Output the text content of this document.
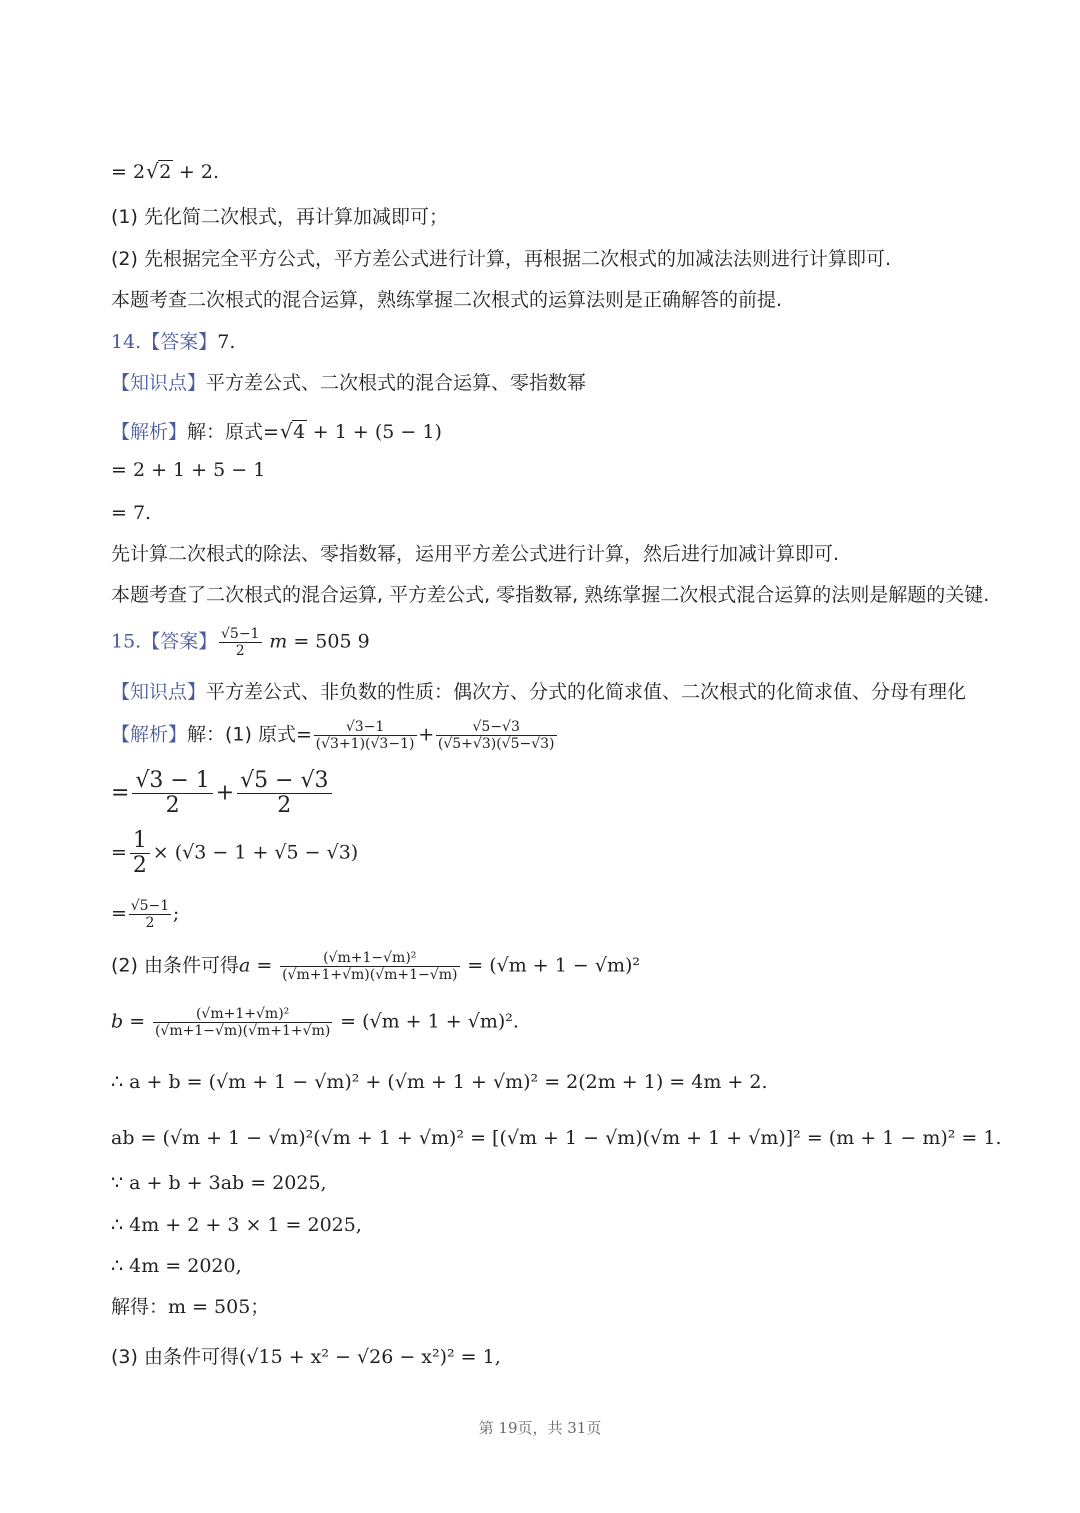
= 2 √ 2 + 2.
(1) 先化简二次根式，再计算加减即可；
(2) 先根据完全平方公式，平方差公式进行计算，再根据二次根式的加减法法则进行计算即可.
本题考查二次根式的混合运算，熟练掌握二次根式的运算法则是正确解答的前提.
14.【答案】7.
【知识点】平方差公式、二次根式的混合运算、零指数幂
【解析】解：原式= √ 4 + 1 + (5 − 1)
= 2 + 1 + 5 − 1
= 7.
先计算二次根式的除法、零指数幂，运用平方差公式进行计算，然后进行加减计算即可.
本题考查了二次根式的混合运算, 平方差公式, 零指数幂, 熟练掌握二次根式混合运算的法则是解题的关键.
15.【答案】 $\frac{√5-1}{2}$ m = 505 9
【知识点】平方差公式、非负数的性质：偶次方、分式的化简求值、二次根式的化简求值、分母有理化
【解析】解：(1) 原式= $\frac{√3-1}{(√3+1)(√3-1)} + \frac{√5-√3}{(√5+√3)(√5-√3)}$
= $\frac{√3 - 1}{2} + \frac{√5 - √3}{2}$
= $\frac{1}{2} \times (√3 - 1 + √5 - √3)$
= $\frac{√5-1}{2}$ ;
(2) 由条件可得$a = \frac{\text{(√m+1−√m)²}}{(√m+1+√m)(√m+1-√m)} = (√m + 1 - √m)^2$
$b = \frac{\text{(√m+1+√m)²}}{(√m+1-√m)(√m+1+√m)} = (√m + 1 + √m)^2$.
∴ a + b = (√m + 1 − √m)² + (√m + 1 + √m)² = 2(2m + 1) = 4m + 2.
ab = (√m + 1 − √m)²(√m + 1 + √m)² = [(√m + 1 − √m)(√m + 1 + √m)]² = (m + 1 − m)² = 1.
∵ a + b + 3ab = 2025,
∴ 4m + 2 + 3 × 1 = 2025,
∴ 4m = 2020,
解得：m = 505；
(3) 由条件可得(√15 + x² − √26 − x²)² = 1,
第 19页，共 31页
